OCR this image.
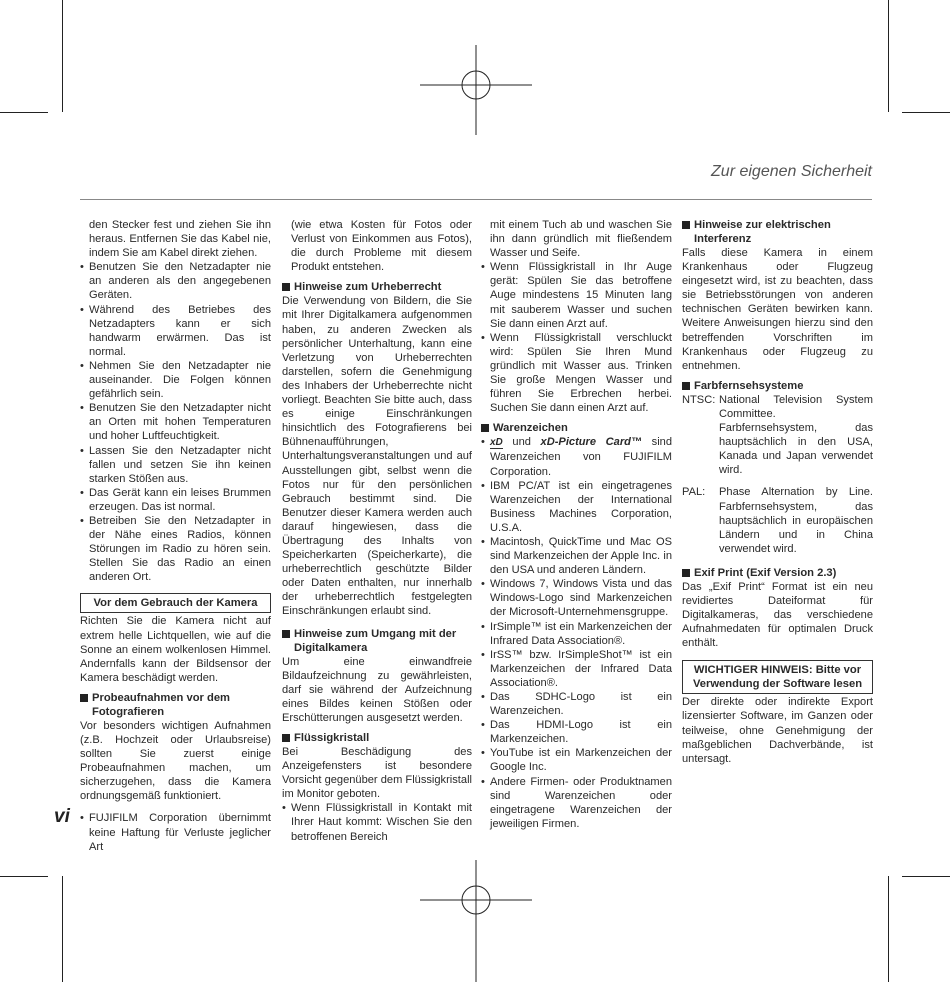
Zur eigenen Sicherheit

den Stecker fest und ziehen Sie ihn heraus. Entfernen Sie das Kabel nie, indem Sie am Kabel direkt ziehen.

• Benutzen Sie den Netzadapter nie an anderen als den angegebenen Geräten.
• Während des Betriebes des Netzadapters kann er sich handwarm erwärmen. Das ist normal.
• Nehmen Sie den Netzadapter nie auseinander. Die Folgen können gefährlich sein.
• Benutzen Sie den Netzadapter nicht an Orten mit hohen Temperaturen und hoher Luftfeuchtigkeit.
• Lassen Sie den Netzadapter nicht fallen und setzen Sie ihn keinen starken Stößen aus.
• Das Gerät kann ein leises Brummen erzeugen. Das ist normal.
• Betreiben Sie den Netzadapter in der Nähe eines Radios, können Störungen im Radio zu hören sein. Stellen Sie das Radio an einen anderen Ort.
Vor dem Gebrauch der Kamera

Richten Sie die Kamera nicht auf extrem helle Lichtquellen, wie auf die Sonne an einem wolkenlosen Himmel. Andernfalls kann der Bildsensor der Kamera beschädigt werden.

Probeaufnahmen vor dem Fotografieren

Vor besonders wichtigen Aufnahmen (z.B. Hochzeit oder Urlaubsreise) sollten Sie zuerst einige Probeaufnahmen machen, um sicherzugehen, dass die Kamera ordnungsgemäß funktioniert.

• FUJIFILM Corporation übernimmt keine Haftung für Verluste jeglicher Art

(wie etwa Kosten für Fotos oder Verlust von Einkommen aus Fotos), die durch Probleme mit diesem Produkt entstehen.

Hinweise zum Urheberrecht

Die Verwendung von Bildern, die Sie mit Ihrer Digitalkamera aufgenommen haben, zu anderen Zwecken als persönlicher Unterhaltung, kann eine Verletzung von Urheberrechten darstellen, sofern die Genehmigung des Inhabers der Urheberrechte nicht vorliegt. Beachten Sie bitte auch, dass es einige Einschränkungen hinsichtlich des Fotografierens bei Bühnenaufführungen, Unterhaltungsveranstaltungen und auf Ausstellungen gibt, selbst wenn die Fotos nur für den persönlichen Gebrauch bestimmt sind. Die Benutzer dieser Kamera werden auch darauf hingewiesen, dass die Übertragung des Inhalts von Speicherkarten (Speicherkarte), die urheberrechtlich geschützte Bilder oder Daten enthalten, nur innerhalb der urheberrechtlich festgelegten Einschränkungen erlaubt sind.

Hinweise zum Umgang mit der Digitalkamera

Um eine einwandfreie Bildaufzeichnung zu gewährleisten, darf sie während der Aufzeichnung eines Bildes keinen Stößen oder Erschütterungen ausgesetzt werden.

Flüssigkristall

Bei Beschädigung des Anzeigefensters ist besondere Vorsicht gegenüber dem Flüssigkristall im Monitor geboten.

• Wenn Flüssigkristall in Kontakt mit Ihrer Haut kommt: Wischen Sie den betroffenen Bereich

mit einem Tuch ab und waschen Sie ihn dann gründlich mit fließendem Wasser und Seife.

• Wenn Flüssigkristall in Ihr Auge gerät: Spülen Sie das betroffene Auge mindestens 15 Minuten lang mit sauberem Wasser und suchen Sie dann einen Arzt auf.
• Wenn Flüssigkristall verschluckt wird: Spülen Sie Ihren Mund gründlich mit Wasser aus. Trinken Sie große Mengen Wasser und führen Sie Erbrechen herbei. Suchen Sie dann einen Arzt auf.
Warenzeichen
• xD und xD-Picture Card™ sind Warenzeichen von FUJIFILM Corporation.
• IBM PC/AT ist ein eingetragenes Warenzeichen der International Business Machines Corporation, U.S.A.
• Macintosh, QuickTime und Mac OS sind Markenzeichen der Apple Inc. in den USA und anderen Ländern.
• Windows 7, Windows Vista und das Windows-Logo sind Markenzeichen der Microsoft-Unternehmensgruppe.
• IrSimple™ ist ein Markenzeichen der Infrared Data Association®.
• IrSS™ bzw. IrSimpleShot™ ist ein Markenzeichen der Infrared Data Association®.
• Das SDHC-Logo ist ein Warenzeichen.
• Das HDMI-Logo ist ein Markenzeichen.
• YouTube ist ein Markenzeichen der Google Inc.
• Andere Firmen- oder Produktnamen sind Warenzeichen oder eingetragene Warenzeichen der jeweiligen Firmen.
Hinweise zur elektrischen Interferenz

Falls diese Kamera in einem Krankenhaus oder Flugzeug eingesetzt wird, ist zu beachten, dass sie Betriebsstörungen von anderen technischen Geräten bewirken kann. Weitere Anweisungen hierzu sind den betreffenden Vorschriften im Krankenhaus oder Flugzeug zu entnehmen.

Farbfernsehsysteme
NTSC: National Television System Committee. Farbfernsehsystem, das hauptsächlich in den USA, Kanada und Japan verwendet wird.
PAL:	Phase Alternation by Line. Farbfernsehsystem, das hauptsächlich in europäischen Ländern und in China verwendet wird.
Exif Print (Exif Version 2.3)

Das „Exif Print“ Format ist ein neu revidiertes Dateiformat für Digitalkameras, das verschiedene Aufnahmedaten für optimalen Druck enthält.

WICHTIGER HINWEIS: Bitte vor Verwendung der Software lesen

Der direkte oder indirekte Export lizensierter Software, im Ganzen oder teilweise, ohne Genehmigung der maßgeblichen Dachverbände, ist untersagt.

vi
